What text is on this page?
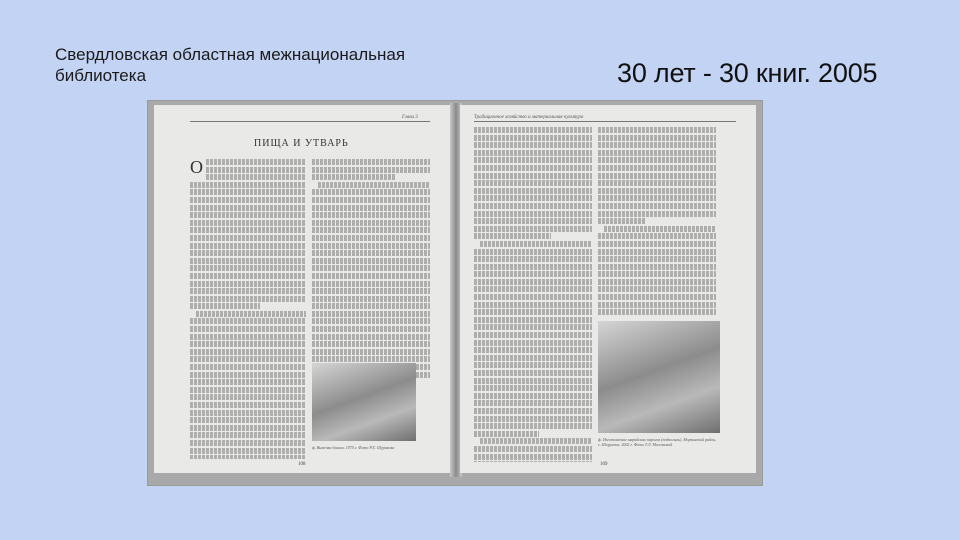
Свердловская областная межнациональная библиотека	30 лет - 30 книг. 2005
Глава 3
ПИЩА И УТВАРЬ
О
ф. Выпечка блинов. 1975 г. Фото Р.Х. Шуракова
108
Традиционное хозяйство и материальная культура
ф. Изготовление марийских пирогов (подкогыль). Моркинский район, с. Шорунжа. 2002 г. Фото Т.Л. Молотовой
109
